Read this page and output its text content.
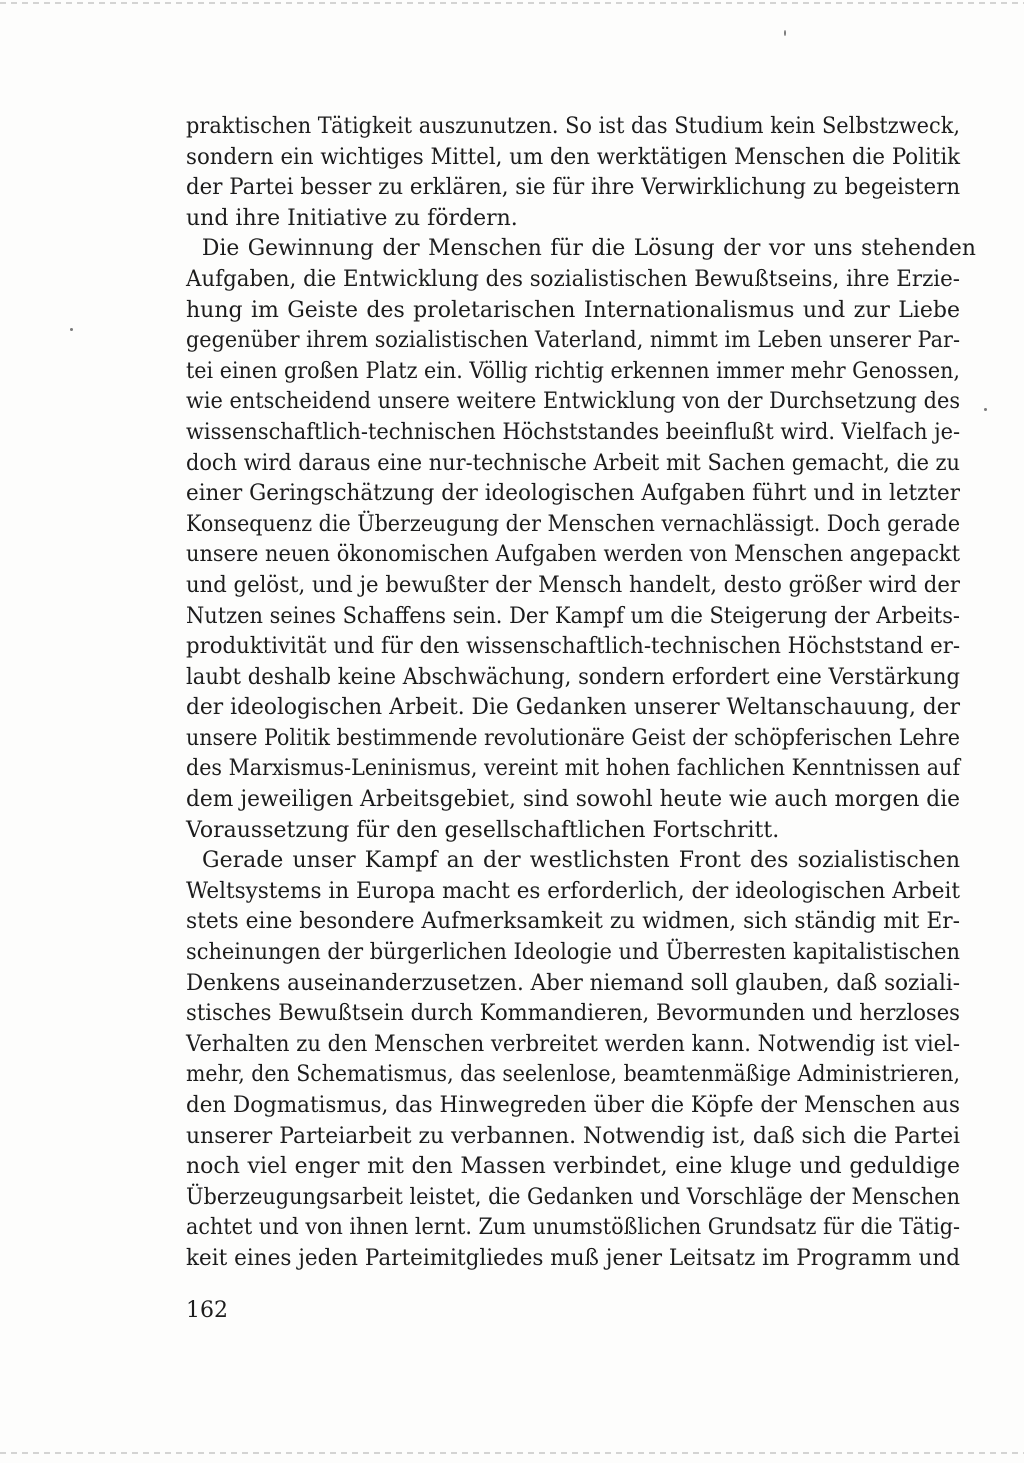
praktischen Tätigkeit auszunutzen. So ist das Studium kein Selbstzweck,
sondern ein wichtiges Mittel, um den werktätigen Menschen die Politik
der Partei besser zu erklären, sie für ihre Verwirklichung zu begeistern
und ihre Initiative zu fördern.
Die Gewinnung der Menschen für die Lösung der vor uns stehenden
Aufgaben, die Entwicklung des sozialistischen Bewußtseins, ihre Erzie-
hung im Geiste des proletarischen Internationalismus und zur Liebe
gegenüber ihrem sozialistischen Vaterland, nimmt im Leben unserer Par-
tei einen großen Platz ein. Völlig richtig erkennen immer mehr Genossen,
wie entscheidend unsere weitere Entwicklung von der Durchsetzung des
wissenschaftlich-technischen Höchststandes beeinflußt wird. Vielfach je-
doch wird daraus eine nur-technische Arbeit mit Sachen gemacht, die zu
einer Geringschätzung der ideologischen Aufgaben führt und in letzter
Konsequenz die Überzeugung der Menschen vernachlässigt. Doch gerade
unsere neuen ökonomischen Aufgaben werden von Menschen angepackt
und gelöst, und je bewußter der Mensch handelt, desto größer wird der
Nutzen seines Schaffens sein. Der Kampf um die Steigerung der Arbeits-
produktivität und für den wissenschaftlich-technischen Höchststand er-
laubt deshalb keine Abschwächung, sondern erfordert eine Verstärkung
der ideologischen Arbeit. Die Gedanken unserer Weltanschauung, der
unsere Politik bestimmende revolutionäre Geist der schöpferischen Lehre
des Marxismus-Leninismus, vereint mit hohen fachlichen Kenntnissen auf
dem jeweiligen Arbeitsgebiet, sind sowohl heute wie auch morgen die
Voraussetzung für den gesellschaftlichen Fortschritt.
Gerade unser Kampf an der westlichsten Front des sozialistischen
Weltsystems in Europa macht es erforderlich, der ideologischen Arbeit
stets eine besondere Aufmerksamkeit zu widmen, sich ständig mit Er-
scheinungen der bürgerlichen Ideologie und Überresten kapitalistischen
Denkens auseinanderzusetzen. Aber niemand soll glauben, daß soziali-
stisches Bewußtsein durch Kommandieren, Bevormunden und herzloses
Verhalten zu den Menschen verbreitet werden kann. Notwendig ist viel-
mehr, den Schematismus, das seelenlose, beamtenmäßige Administrieren,
den Dogmatismus, das Hinwegreden über die Köpfe der Menschen aus
unserer Parteiarbeit zu verbannen. Notwendig ist, daß sich die Partei
noch viel enger mit den Massen verbindet, eine kluge und geduldige
Überzeugungsarbeit leistet, die Gedanken und Vorschläge der Menschen
achtet und von ihnen lernt. Zum unumstößlichen Grundsatz für die Tätig-
keit eines jeden Parteimitgliedes muß jener Leitsatz im Programm und
162
